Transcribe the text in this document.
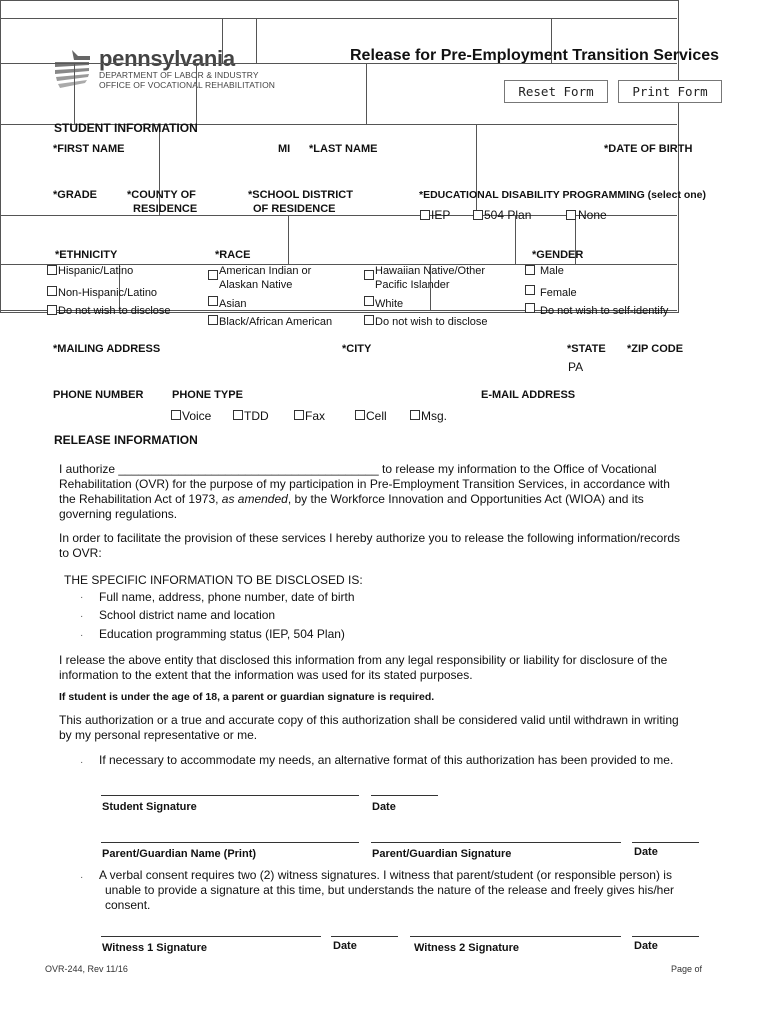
pennsylvania
DEPARTMENT OF LABOR & INDUSTRY
OFFICE OF VOCATIONAL REHABILITATION
Release for Pre-Employment Transition Services
Reset Form	Print Form
STUDENT INFORMATION
*FIRST NAME	MI *LAST NAME	*DATE OF BIRTH
*GRADE	*COUNTY OF
RESIDENCE
*SCHOOL DISTRICT
OF RESIDENCE
*EDUCATIONAL DISABILITY PROGRAMMING (select one)
IEP	504 Plan	None
*ETHNICITY
Hispanic/Latino
Non-Hispanic/Latino
Do not wish to disclose
*RACE
American Indian or
Alaskan Native
Asian
Black/African American
Hawaiian Native/Other
Pacific Islander
White
Do not wish to disclose
*GENDER
Male
Female
Do not wish to self-identify
*MAILING ADDRESS	*CITY	*STATE
PA
*ZIP CODE
PHONE NUMBER	PHONE TYPE
Voice	TDD	Fax	Cell	Msg.
E-MAIL ADDRESS
RELEASE INFORMATION
I authorize _______________________________________ to release my information to the Office of Vocational
Rehabilitation (OVR) for the purpose of my participation in Pre-Employment Transition Services, in accordance with
the Rehabilitation Act of 1973, as amended, by the Workforce Innovation and Opportunities Act (WIOA) and its
governing regulations.
In order to facilitate the provision of these services I hereby authorize you to release the following information/records
to OVR:
THE SPECIFIC INFORMATION TO BE DISCLOSED IS:
· Full name, address, phone number, date of birth
· School district name and location
· Education programming status (IEP, 504 Plan)
I release the above entity that disclosed this information from any legal responsibility or liability for disclosure of the
information to the extent that the information was used for its stated purposes.
If student is under the age of 18, a parent or guardian signature is required.
This authorization or a true and accurate copy of this authorization shall be considered valid until withdrawn in writing
by my personal representative or me.
· If necessary to accommodate my needs, an alternative format of this authorization has been provided to me.
Student Signature	Date
Parent/Guardian Name (Print)	Parent/Guardian Signature	Date
· A verbal consent requires two (2) witness signatures. I witness that parent/student (or responsible person) is
unable to provide a signature at this time, but understands the nature of the release and freely gives his/her
consent.
Witness 1 Signature	Date	Witness 2 Signature	Date
OVR-244, Rev 11/16	Page of
